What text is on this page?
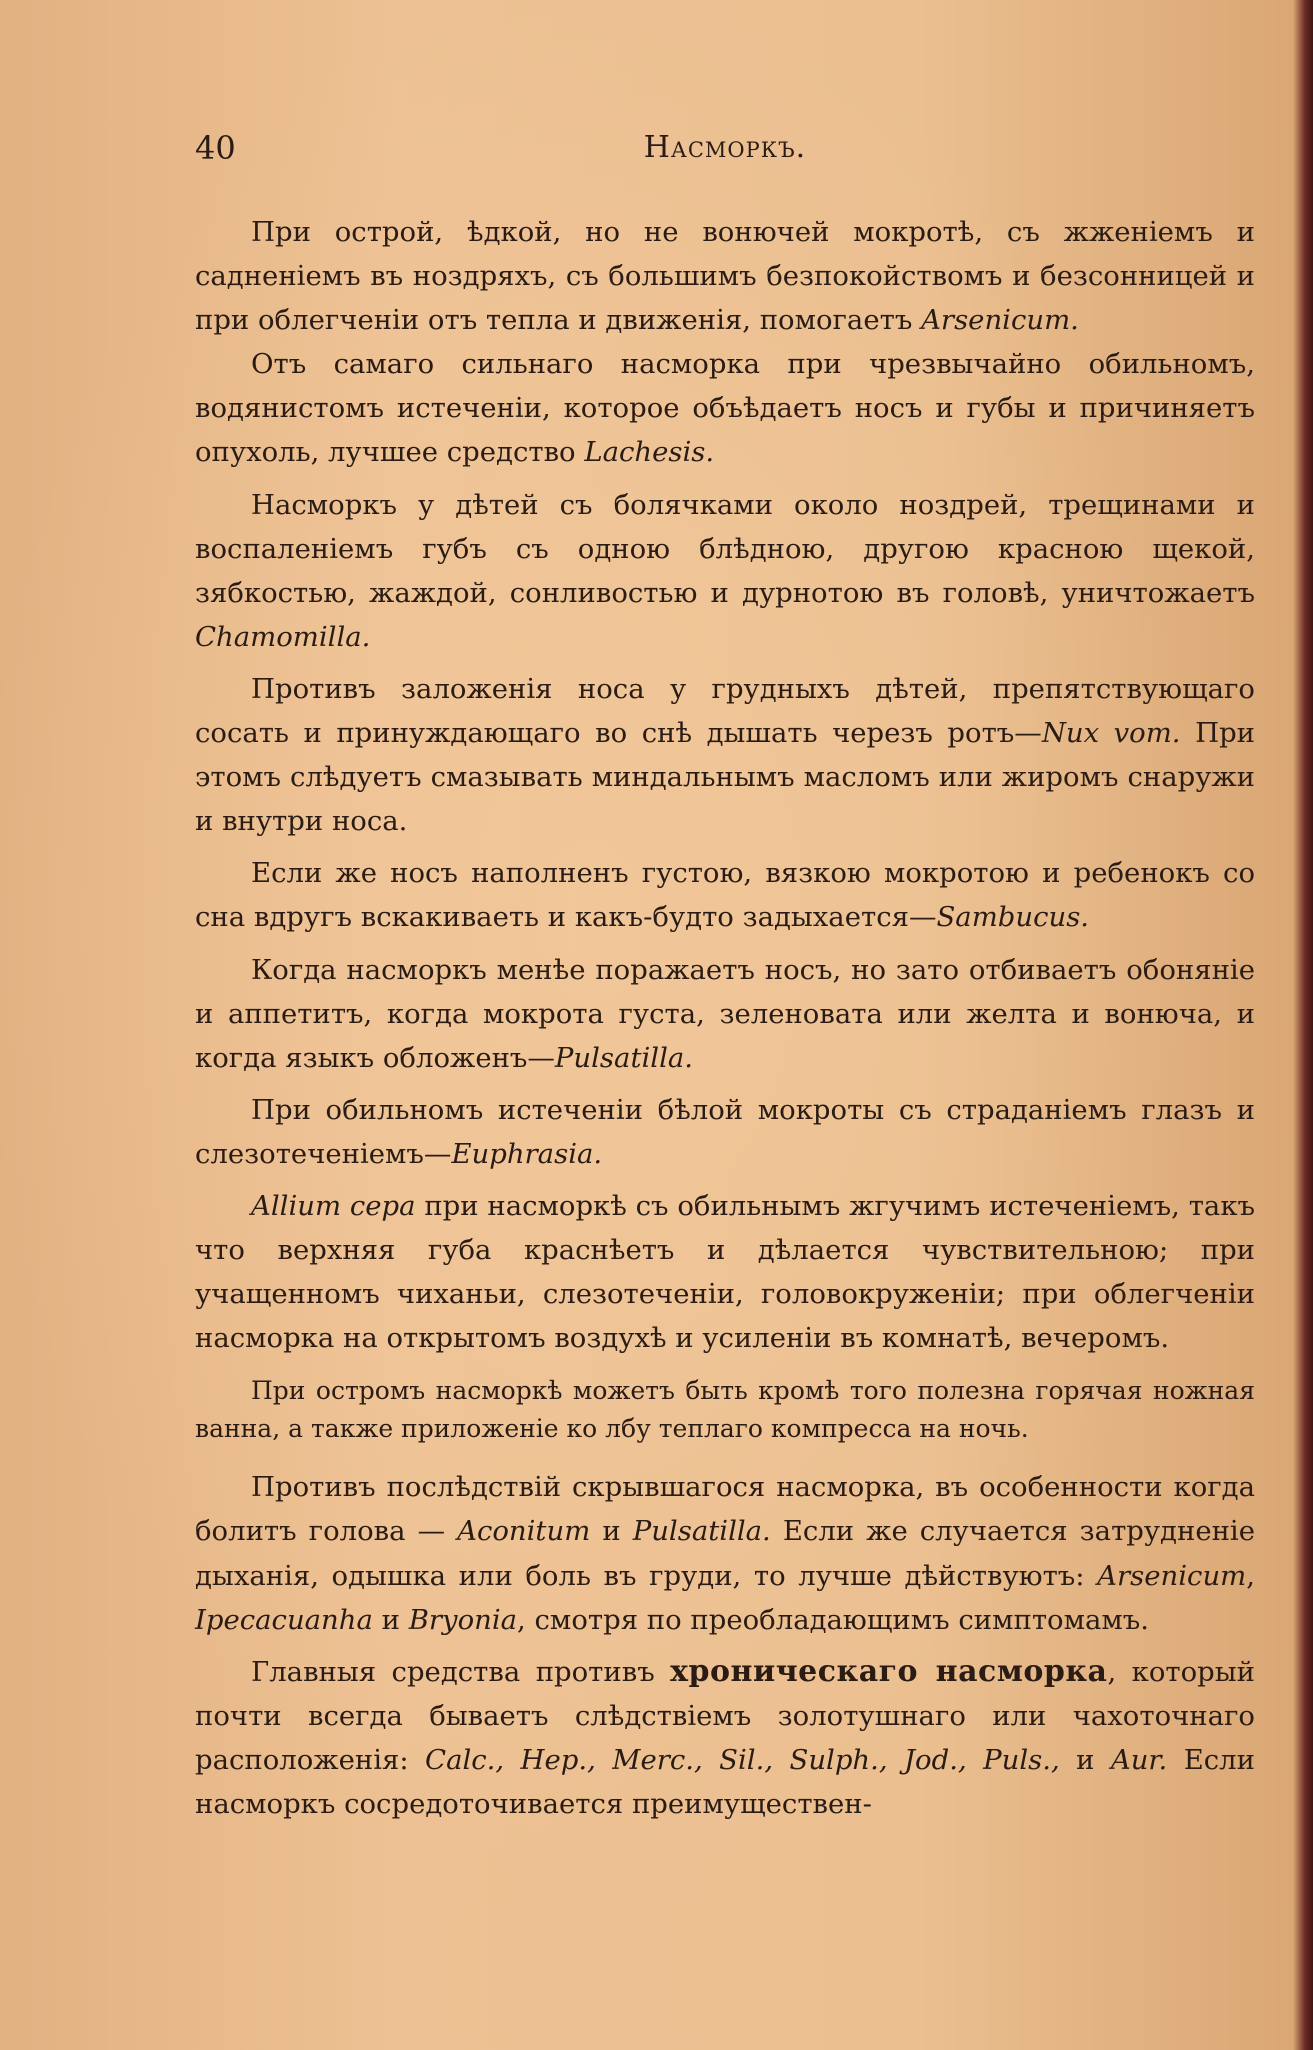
40	Насморкъ.

При острой, ѣдкой, но не вонючей мокротѣ, съ жженіемъ и садненіемъ въ ноздряхъ, съ большимъ безпокойствомъ и безсонницей и при облегченіи отъ тепла и движенія, помогаетъ Arsenicum.

Отъ самаго сильнаго насморка при чрезвычайно обильномъ, водянистомъ истеченіи, которое объѣдаетъ носъ и губы и причиняетъ опухоль, лучшее средство Lachesis.

Насморкъ у дѣтей съ болячками около ноздрей, трещинами и воспаленіемъ губъ съ одною блѣдною, другою красною щекой, зябкостью, жаждой, сонливостью и дурнотою въ головѣ, уничтожаетъ Chamomilla.

Противъ заложенія носа у грудныхъ дѣтей, препятствующаго сосать и принуждающаго во снѣ дышать черезъ ротъ—Nux vom. При этомъ слѣдуетъ смазывать миндальнымъ масломъ или жиромъ снаружи и внутри носа.

Если же носъ наполненъ густою, вязкою мокротою и ребенокъ со сна вдругъ вскакиваеть и какъ-будто задыхается—Sambucus.

Когда насморкъ менѣе поражаетъ носъ, но зато отбиваетъ обоняніе и аппетитъ, когда мокрота густа, зеленовата или желта и вонюча, и когда языкъ обложенъ—Pulsatilla.

При обильномъ истеченіи бѣлой мокроты съ страданіемъ глазъ и слезотеченіемъ—Euphrasia.

Allium cepa при насморкѣ съ обильнымъ жгучимъ истеченіемъ, такъ что верхняя губа краснѣетъ и дѣлается чувствительною; при учащенномъ чиханьи, слезотеченіи, головокруженіи; при облегченіи насморка на открытомъ воздухѣ и усиленіи въ комнатѣ, вечеромъ.

При остромъ насморкѣ можетъ быть кромѣ того полезна горячая ножная ванна, а также приложеніе ко лбу теплаго компресса на ночь.

Противъ послѣдствій скрывшагося насморка, въ особенности когда болитъ голова — Aconitum и Pulsatilla. Если же случается затрудненіе дыханія, одышка или боль въ груди, то лучше дѣйствуютъ: Arsenicum, Ipecacuanha и Bryonia, смотря по преобладающимъ симптомамъ.

Главныя средства противъ хроническаго насморка, который почти всегда бываетъ слѣдствіемъ золотушнаго или чахоточнаго расположенія: Calc., Hep., Merc., Sil., Sulph., Jod., Puls., и Aur. Если насморкъ сосредоточивается преимуществен-
